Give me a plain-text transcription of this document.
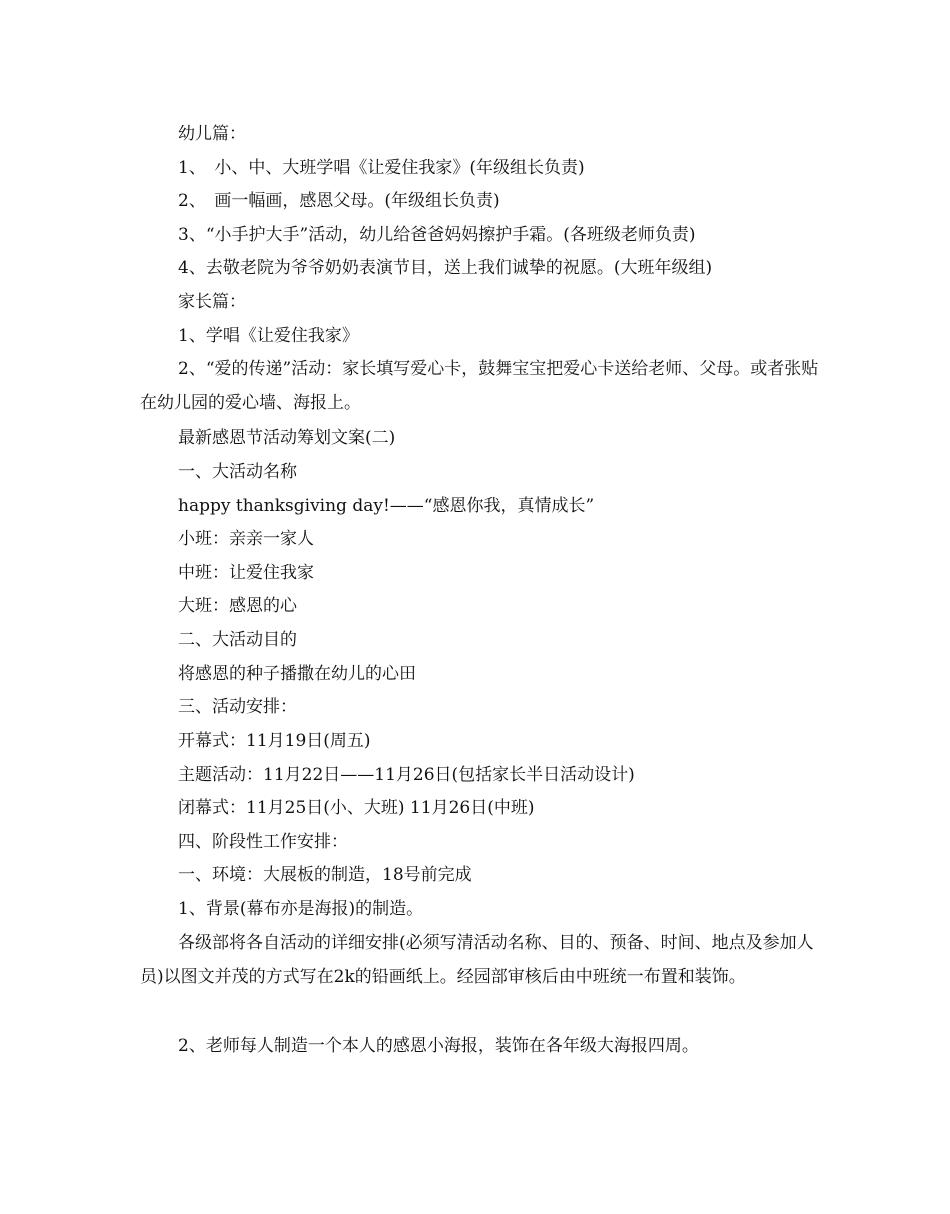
幼儿篇：
1、　小、中、大班学唱《让爱住我家》(年级组长负责)
2、　画一幅画，感恩父母。(年级组长负责)
3、“小手护大手”活动，幼儿给爸爸妈妈擦护手霜。(各班级老师负责)
4、去敬老院为爷爷奶奶表演节目，送上我们诚挚的祝愿。(大班年级组)
家长篇：
1、学唱《让爱住我家》
2、“爱的传递”活动：家长填写爱心卡，鼓舞宝宝把爱心卡送给老师、父母。或者张贴在幼儿园的爱心墙、海报上。
最新感恩节活动筹划文案(二)
一、大活动名称
happy thanksgiving day!——“感恩你我，真情成长”
小班：亲亲一家人
中班：让爱住我家
大班：感恩的心
二、大活动目的
将感恩的种子播撒在幼儿的心田
三、活动安排：
开幕式：11月19日(周五)
主题活动：11月22日——11月26日(包括家长半日活动设计)
闭幕式：11月25日(小、大班) 11月26日(中班)
四、阶段性工作安排：
一、环境：大展板的制造，18号前完成
1、背景(幕布亦是海报)的制造。
各级部将各自活动的详细安排(必须写清活动名称、目的、预备、时间、地点及参加人员)以图文并茂的方式写在2k的铅画纸上。经园部审核后由中班统一布置和装饰。
2、老师每人制造一个本人的感恩小海报，装饰在各年级大海报四周。
